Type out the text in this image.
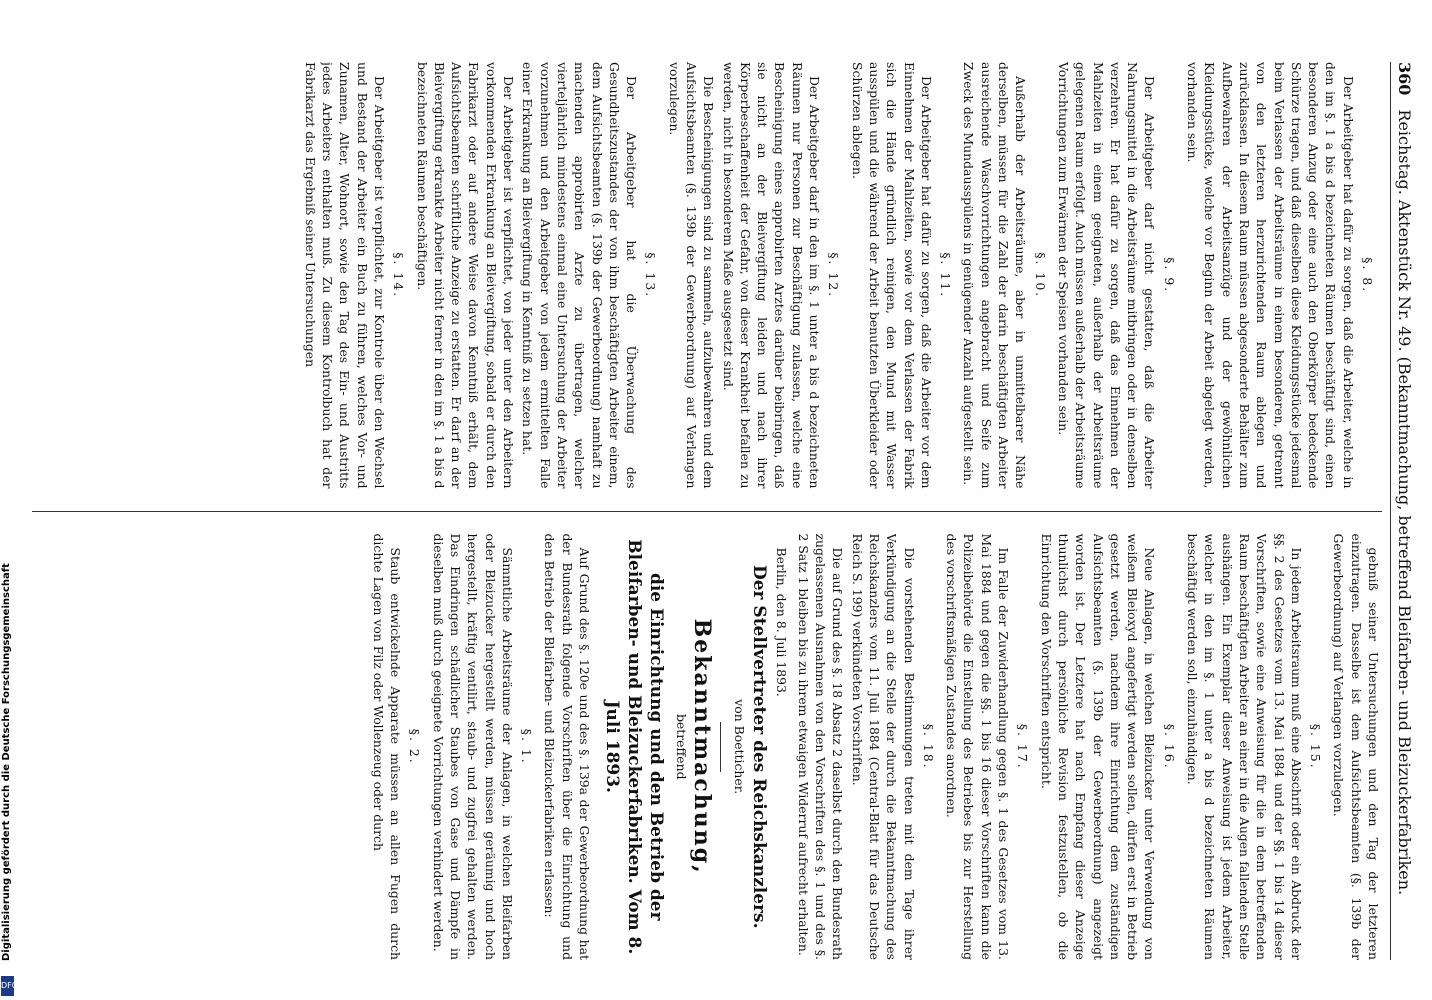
360
Reichstag. Aktenstück Nr. 49. (Bekanntmachung, betreffend Bleifarben- und Bleizuckerfabriken.
§. 8.

Der Arbeitgeber hat dafür zu sorgen, daß die Arbeiter, welche in den im §. 1 a bis d bezeichneten Räumen beschäftigt sind, einen besonderen Anzug oder eine auch den Oberkörper bedeckende Schürze tragen, und daß dieselben diese Kleidungsstücke jedesmal beim Verlassen der Arbeitsräume in einem besonderen, getrennt von den letzteren herzurichtenden Raum ablegen und zurücklassen. In diesem Raum müssen abgesonderte Behälter zum Aufbewahren der Arbeitsanzüge und der gewöhnlichen Kleidungsstücke, welche vor Beginn der Arbeit abgelegt werden, vorhanden sein.

§. 9.

Der Arbeitgeber darf nicht gestatten, daß die Arbeiter Nahrungsmittel in die Arbeitsräume mitbringen oder in denselben verzehren. Er hat dafür zu sorgen, daß das Einnehmen der Mahlzeiten in einem geeigneten, außerhalb der Arbeitsräume gelegenen Raum erfolgt. Auch müssen außerhalb der Arbeitsräume Vorrichtungen zum Erwärmen der Speisen vorhanden sein.

§. 10.

Außerhalb der Arbeitsräume, aber in unmittelbarer Nähe derselben, müssen für die Zahl der darin beschäftigten Arbeiter ausreichende Waschvorrichtungen angebracht und Seife zum Zweck des Mundausspülens in genügender Anzahl aufgestellt sein.

§. 11.

Der Arbeitgeber hat dafür zu sorgen, daß die Arbeiter vor dem Einnehmen der Mahlzeiten, sowie vor dem Verlassen der Fabrik sich die Hände gründlich reinigen, den Mund mit Wasser ausspülen und die während der Arbeit benutzten Überkleider oder Schürzen ablegen.

§. 12.

Der Arbeitgeber darf in den im §. 1 unter a bis d bezeichneten Räumen nur Personen zur Beschäftigung zulassen, welche eine Bescheinigung eines approbirten Arztes darüber beibringen, daß sie nicht an der Bleivergiftung leiden und nach ihrer Körperbeschaffenheit der Gefahr, von dieser Krankheit befallen zu werden, nicht in besonderem Maße ausgesetzt sind.

Die Bescheinigungen sind zu sammeln, aufzubewahren und dem Aufsichtsbeamten (§. 139b der Gewerbeordnung) auf Verlangen vorzulegen.

§. 13.

Der Arbeitgeber hat die Überwachung des Gesundheitszustandes der von ihm beschäftigten Arbeiter einem, dem Aufsichtsbeamten (§. 139b der Gewerbeordnung) namhaft zu machenden approbirten Arzte zu übertragen, welcher vierteljährlich mindestens einmal eine Untersuchung der Arbeiter vorzunehmen und den Arbeitgeber von jedem ermittelten Falle einer Erkrankung an Bleivergiftung in Kenntniß zu setzen hat.

Der Arbeitgeber ist verpflichtet, von jeder unter den Arbeitern vorkommenden Erkrankung an Bleivergiftung, sobald er durch den Fabrikarzt oder auf andere Weise davon Kenntniß erhält, dem Aufsichtsbeamten schriftliche Anzeige zu erstatten. Er darf an der Bleivergiftung erkrankte Arbeiter nicht ferner in den im §. 1 a bis d bezeichneten Räumen beschäftigen.

§. 14.

Der Arbeitgeber ist verpflichtet, zur Kontrole über den Wechsel und Bestand der Arbeiter ein Buch zu führen, welches Vor- und Zunamen, Alter, Wohnort, sowie den Tag des Ein- und Austritts jedes Arbeiters enthalten muß. Zu diesem Kontrolbuch hat der Fabrikarzt das Ergebniß seiner Untersuchungen

gebniß seiner Untersuchungen und den Tag der letzteren einzutragen. Dasselbe ist dem Aufsichtsbeamten (§. 139b der Gewerbeordnung) auf Verlangen vorzulegen.

§. 15.

In jedem Arbeitsraum muß eine Abschrift oder ein Abdruck der §§. 2 des Gesetzes vom 13. Mai 1884 und der §§. 1 bis 14 dieser Vorschriften, sowie eine Anweisung für die in dem betreffenden Raum beschäftigten Arbeiter an einer in die Augen fallenden Stelle aushängen. Ein Exemplar dieser Anweisung ist jedem Arbeiter, welcher in den im §. 1 unter a bis d bezeichneten Räumen beschäftigt werden soll, einzuhändigen.

§. 16.

Neue Anlagen, in welchen Bleizucker unter Verwendung von weißem Bleioxyd angefertigt werden sollen, dürfen erst in Betrieb gesetzt werden, nachdem ihre Einrichtung dem zuständigen Aufsichtsbeamten (§. 139b der Gewerbeordnung) angezeigt worden ist. Der Letztere hat nach Empfang dieser Anzeige thunlichst durch persönliche Revision festzustellen, ob die Einrichtung den Vorschriften entspricht.

§. 17.

Im Falle der Zuwiderhandlung gegen §. 1 des Gesetzes vom 13. Mai 1884 und gegen die §§. 1 bis 16 dieser Vorschriften kann die Polizeibehörde die Einstellung des Betriebes bis zur Herstellung des vorschriftsmäßigen Zustandes anordnen.

§. 18.

Die vorstehenden Bestimmungen treten mit dem Tage ihrer Verkündigung an die Stelle der durch die Bekanntmachung des Reichskanzlers vom 11. Juli 1884 (Central-Blatt für das Deutsche Reich S. 199) verkündeten Vorschriften.

Die auf Grund des §. 18 Absatz 2 daselbst durch den Bundesrath zugelassenen Ausnahmen von den Vorschriften des §. 1 und des §. 2 Satz 1 bleiben bis zu ihrem etwaigen Widerruf aufrecht erhalten.

Berlin, den 8. Juli 1893.
Der Stellvertreter des Reichskanzlers.
von Boetticher.
Bekanntmachung,
betreffend
die Einrichtung und den Betrieb der Bleifarben- und Bleizuckerfabriken. Vom 8. Juli 1893.

Auf Grund des §. 120e und des §. 139a der Gewerbeordnung hat der Bundesrath folgende Vorschriften über die Einrichtung und den Betrieb der Bleifarben- und Bleizuckerfabriken erlassen:

§. 1.

Sämmtliche Arbeitsräume der Anlagen, in welchen Bleifarben oder Bleizucker hergestellt werden, müssen geräumig und hoch hergestellt, kräftig ventilirt, staub- und zugfrei gehalten werden. Das Eindringen schädlicher Staubes von Gase und Dämpfe in dieselben muß durch geeignete Vorrichtungen verhindert werden.

§. 2.

Staub entwickelnde Apparate müssen an allen Fugen durch dichte Lagen von Filz oder Wollenzeug oder durch

Digitalisierung gefördert durch die Deutsche Forschungsgemeinschaft
DFG
